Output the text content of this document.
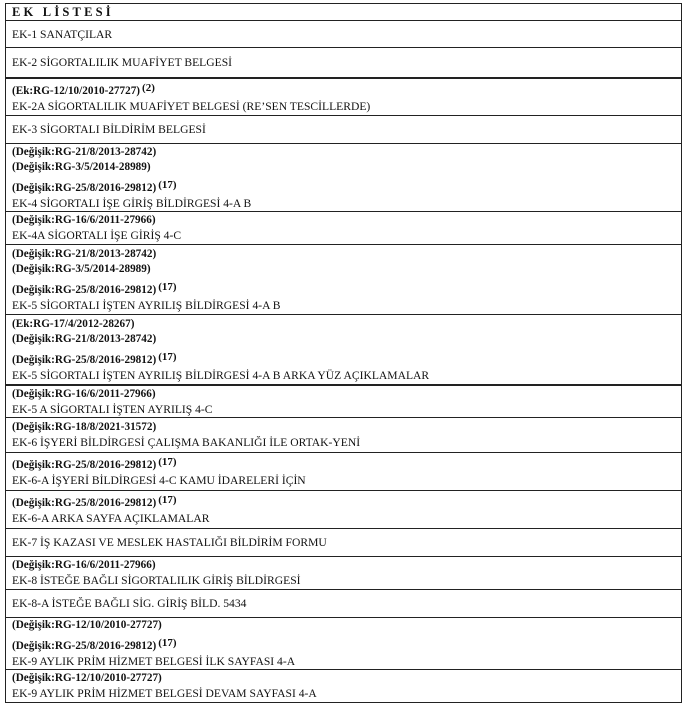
EK LİSTESİ
EK-1 SANATÇILAR
EK-2 SİGORTALILIK MUAFİYET BELGESİ
(Ek:RG-12/10/2010-27727) $^{(2)}$
EK-2A SİGORTALILIK MUAFİYET BELGESİ (RE’SEN TESCİLLERDE)
EK-3 SİGORTALI BİLDİRİM BELGESİ
(Değişik:RG-21/8/2013-28742)
(Değişik:RG-3/5/2014-28989)
(Değişik:RG-25/8/2016-29812) $^{(17)}$
EK-4 SİGORTALI İŞE GİRİŞ BİLDİRGESİ 4-A B
(Değişik:RG-16/6/2011-27966)
EK-4A SİGORTALI İŞE GİRİŞ 4-C
(Değişik:RG-21/8/2013-28742)
(Değişik:RG-3/5/2014-28989)
(Değişik:RG-25/8/2016-29812) $^{(17)}$
EK-5 SİGORTALI İŞTEN AYRILIŞ BİLDİRGESİ 4-A B
(Ek:RG-17/4/2012-28267)
(Değişik:RG-21/8/2013-28742)
(Değişik:RG-25/8/2016-29812) $^{(17)}$
EK-5 SİGORTALI İŞTEN AYRILIŞ BİLDİRGESİ 4-A B ARKA YÜZ AÇIKLAMALAR
(Değişik:RG-16/6/2011-27966)
EK-5 A SİGORTALI İŞTEN AYRILIŞ 4-C
(Değişik:RG-18/8/2021-31572)
EK-6 İŞYERİ BİLDİRGESİ ÇALIŞMA BAKANLIĞI İLE ORTAK-YENİ
(Değişik:RG-25/8/2016-29812) $^{(17)}$
EK-6-A İŞYERİ BİLDİRGESİ 4-C KAMU İDARELERİ İÇİN
(Değişik:RG-25/8/2016-29812) $^{(17)}$
EK-6-A ARKA SAYFA AÇIKLAMALAR
EK-7 İŞ KAZASI VE MESLEK HASTALIĞI BİLDİRİM FORMU
(Değişik:RG-16/6/2011-27966)
EK-8 İSTEĞE BAĞLI SİGORTALILIK GİRİŞ BİLDİRGESİ
EK-8-A İSTEĞE BAĞLI SİG. GİRİŞ BİLD. 5434
(Değişik:RG-12/10/2010-27727)
(Değişik:RG-25/8/2016-29812) $^{(17)}$
EK-9 AYLIK PRİM HİZMET BELGESİ İLK SAYFASI 4-A
(Değişik:RG-12/10/2010-27727)
EK-9 AYLIK PRİM HİZMET BELGESİ DEVAM SAYFASI 4-A
